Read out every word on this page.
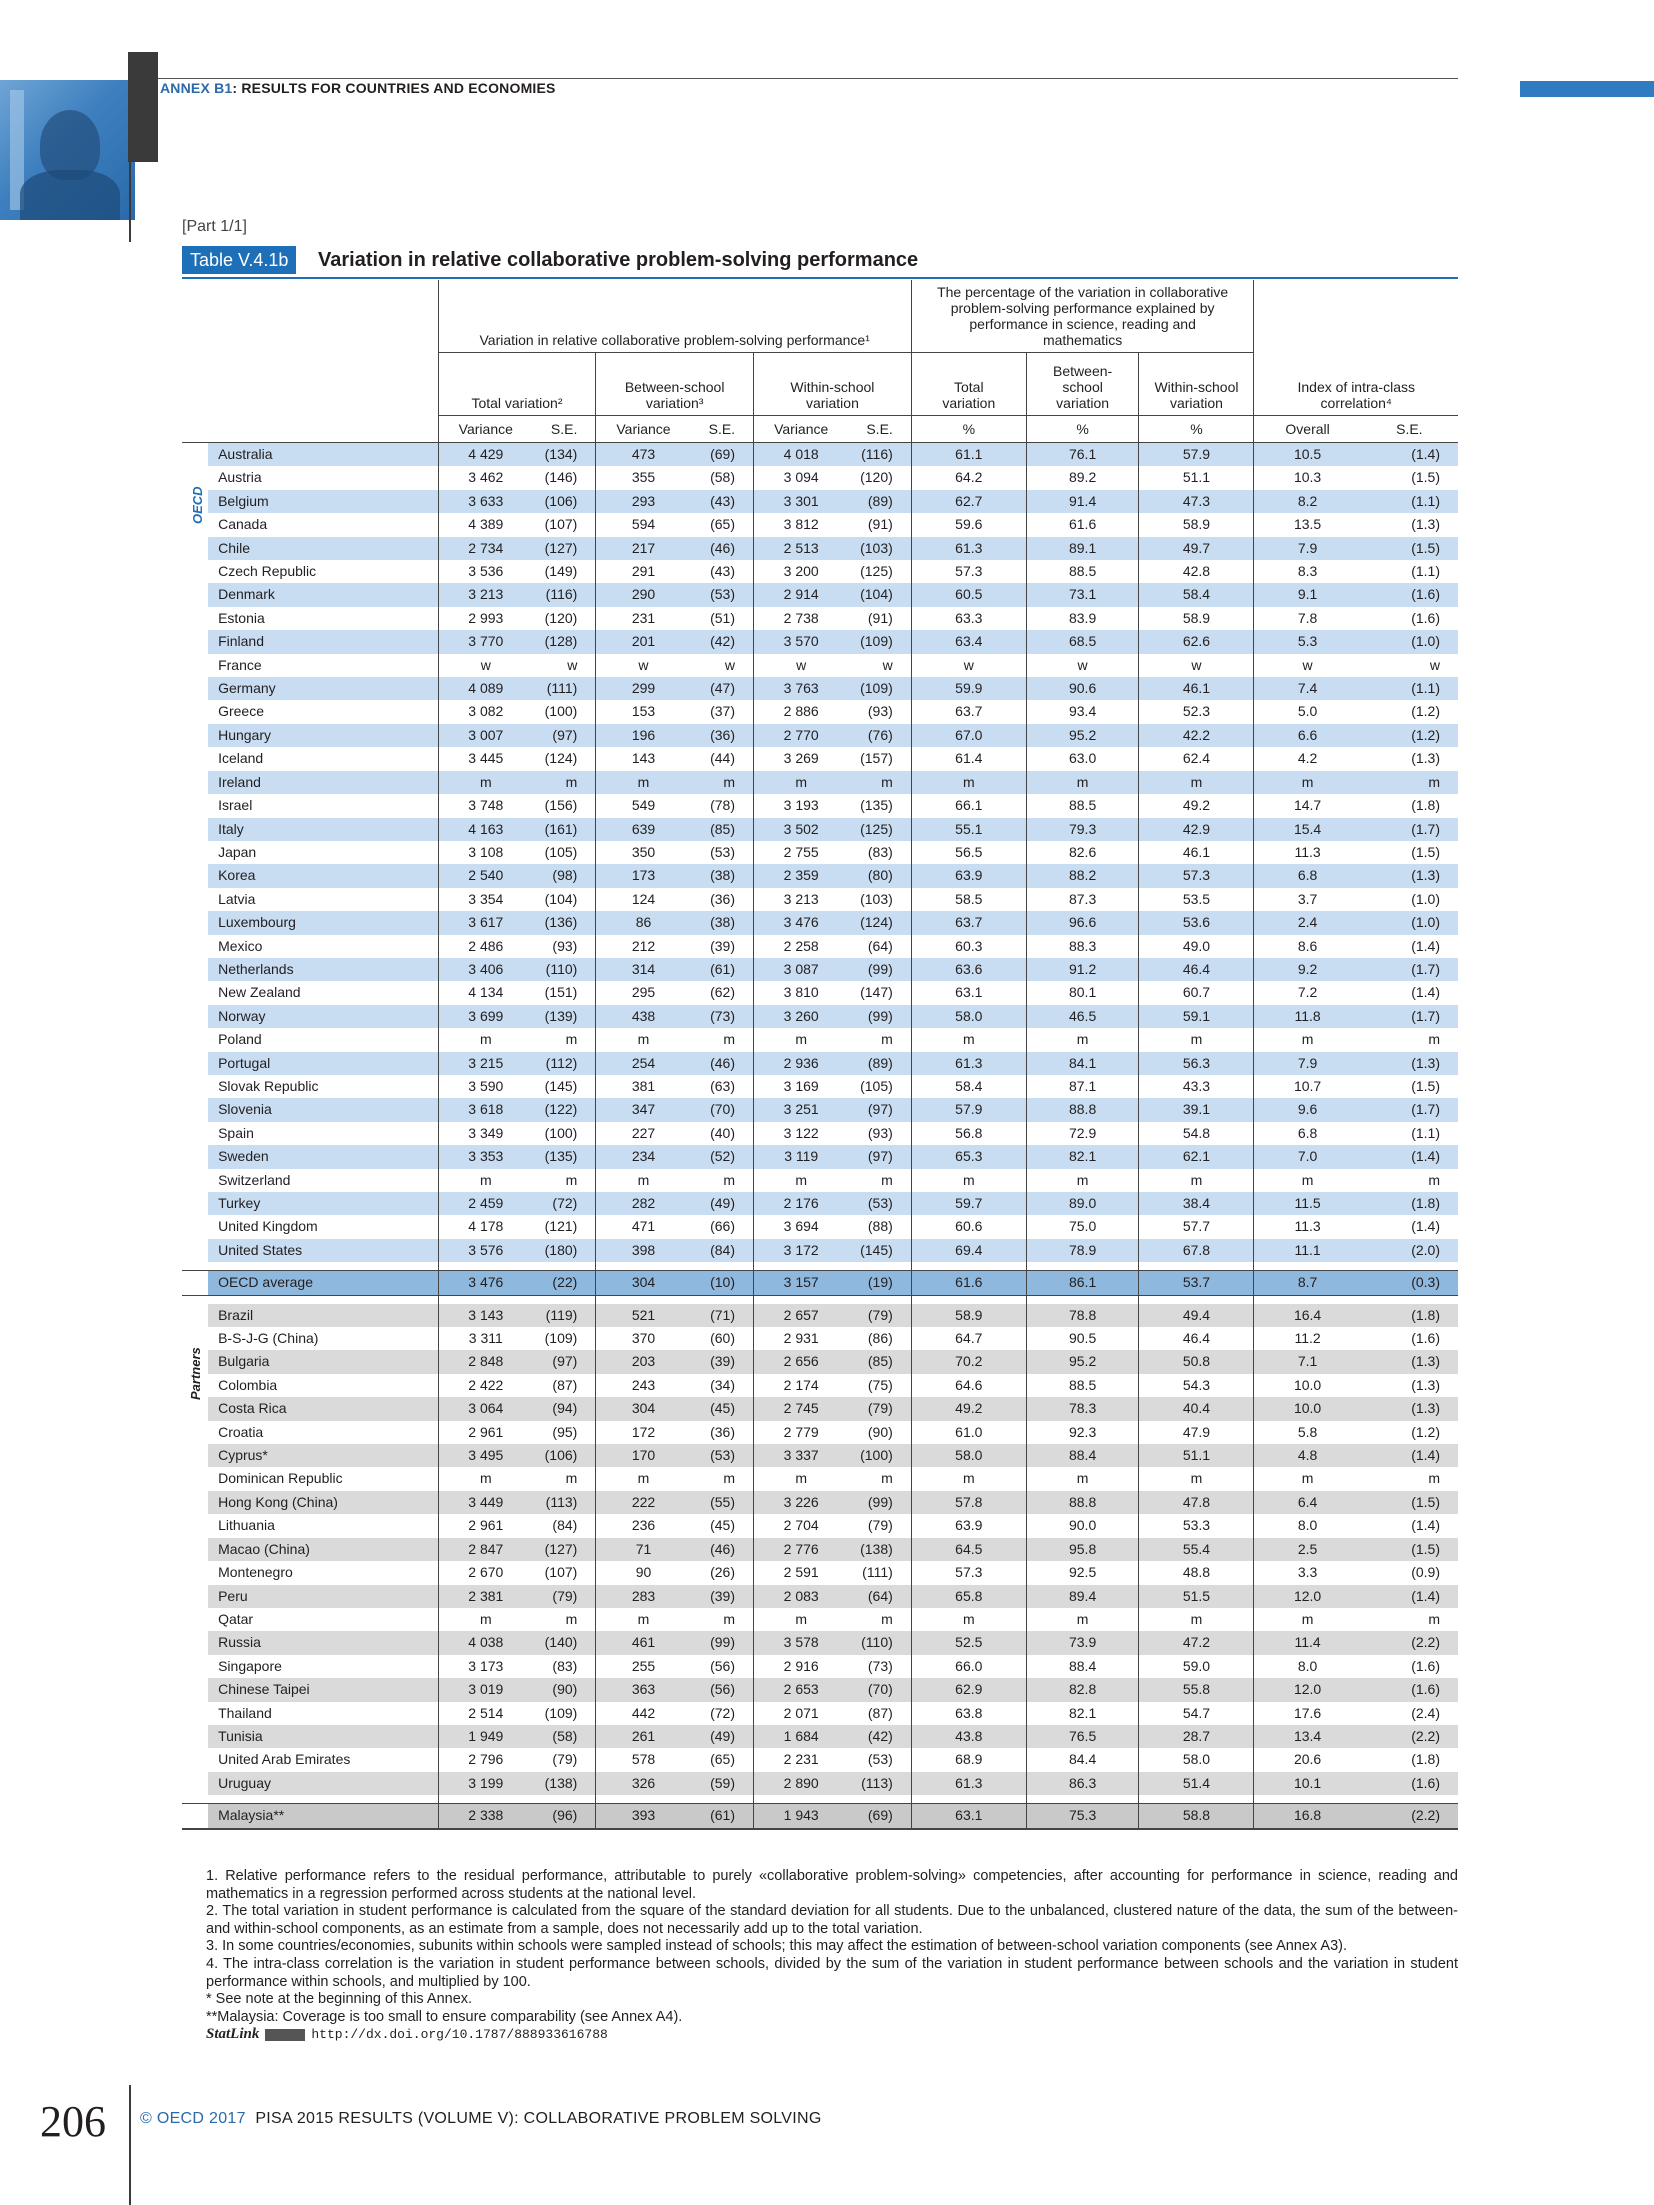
ANNEX B1: RESULTS FOR COUNTRIES AND ECONOMIES
[Part 1/1]
Table V.4.1b	Variation in relative collaborative problem-solving performance
		Variation in relative collaborative problem-solving performance¹						The percentage of the variation in collaborative problem-solving performance explained by performance in science, reading and mathematics			Index of intra-class correlation⁴	
		Total variation²		Between-school variation³		Within-school variation		Total variation	Between-school variation	Within-school variation		
		Variance	S.E.	Variance	S.E.	Variance	S.E.	%	%	%	Overall	S.E.
	Australia	4 429	(134)	473	(69)	4 018	(116)	61.1	76.1	57.9	10.5	(1.4)
	Austria	3 462	(146)	355	(58)	3 094	(120)	64.2	89.2	51.1	10.3	(1.5)
	Belgium	3 633	(106)	293	(43)	3 301	(89)	62.7	91.4	47.3	8.2	(1.1)
	Canada	4 389	(107)	594	(65)	3 812	(91)	59.6	61.6	58.9	13.5	(1.3)
	Chile	2 734	(127)	217	(46)	2 513	(103)	61.3	89.1	49.7	7.9	(1.5)
	Czech Republic	3 536	(149)	291	(43)	3 200	(125)	57.3	88.5	42.8	8.3	(1.1)
	Denmark	3 213	(116)	290	(53)	2 914	(104)	60.5	73.1	58.4	9.1	(1.6)
	Estonia	2 993	(120)	231	(51)	2 738	(91)	63.3	83.9	58.9	7.8	(1.6)
	Finland	3 770	(128)	201	(42)	3 570	(109)	63.4	68.5	62.6	5.3	(1.0)
	France	w	w	w	w	w	w	w	w	w	w	w
	Germany	4 089	(111)	299	(47)	3 763	(109)	59.9	90.6	46.1	7.4	(1.1)
	Greece	3 082	(100)	153	(37)	2 886	(93)	63.7	93.4	52.3	5.0	(1.2)
	Hungary	3 007	(97)	196	(36)	2 770	(76)	67.0	95.2	42.2	6.6	(1.2)
	Iceland	3 445	(124)	143	(44)	3 269	(157)	61.4	63.0	62.4	4.2	(1.3)
	Ireland	m	m	m	m	m	m	m	m	m	m	m
	Israel	3 748	(156)	549	(78)	3 193	(135)	66.1	88.5	49.2	14.7	(1.8)
	Italy	4 163	(161)	639	(85)	3 502	(125)	55.1	79.3	42.9	15.4	(1.7)
	Japan	3 108	(105)	350	(53)	2 755	(83)	56.5	82.6	46.1	11.3	(1.5)
	Korea	2 540	(98)	173	(38)	2 359	(80)	63.9	88.2	57.3	6.8	(1.3)
	Latvia	3 354	(104)	124	(36)	3 213	(103)	58.5	87.3	53.5	3.7	(1.0)
	Luxembourg	3 617	(136)	86	(38)	3 476	(124)	63.7	96.6	53.6	2.4	(1.0)
	Mexico	2 486	(93)	212	(39)	2 258	(64)	60.3	88.3	49.0	8.6	(1.4)
	Netherlands	3 406	(110)	314	(61)	3 087	(99)	63.6	91.2	46.4	9.2	(1.7)
	New Zealand	4 134	(151)	295	(62)	3 810	(147)	63.1	80.1	60.7	7.2	(1.4)
	Norway	3 699	(139)	438	(73)	3 260	(99)	58.0	46.5	59.1	11.8	(1.7)
	Poland	m	m	m	m	m	m	m	m	m	m	m
	Portugal	3 215	(112)	254	(46)	2 936	(89)	61.3	84.1	56.3	7.9	(1.3)
	Slovak Republic	3 590	(145)	381	(63)	3 169	(105)	58.4	87.1	43.3	10.7	(1.5)
	Slovenia	3 618	(122)	347	(70)	3 251	(97)	57.9	88.8	39.1	9.6	(1.7)
	Spain	3 349	(100)	227	(40)	3 122	(93)	56.8	72.9	54.8	6.8	(1.1)
	Sweden	3 353	(135)	234	(52)	3 119	(97)	65.3	82.1	62.1	7.0	(1.4)
	Switzerland	m	m	m	m	m	m	m	m	m	m	m
	Turkey	2 459	(72)	282	(49)	2 176	(53)	59.7	89.0	38.4	11.5	(1.8)
	United Kingdom	4 178	(121)	471	(66)	3 694	(88)	60.6	75.0	57.7	11.3	(1.4)
	United States	3 576	(180)	398	(84)	3 172	(145)	69.4	78.9	67.8	11.1	(2.0)

	OECD average	3 476	(22)	304	(10)	3 157	(19)	61.6	86.1	53.7	8.7	(0.3)

	Brazil	3 143	(119)	521	(71)	2 657	(79)	58.9	78.8	49.4	16.4	(1.8)
	B-S-J-G (China)	3 311	(109)	370	(60)	2 931	(86)	64.7	90.5	46.4	11.2	(1.6)
	Bulgaria	2 848	(97)	203	(39)	2 656	(85)	70.2	95.2	50.8	7.1	(1.3)
	Colombia	2 422	(87)	243	(34)	2 174	(75)	64.6	88.5	54.3	10.0	(1.3)
	Costa Rica	3 064	(94)	304	(45)	2 745	(79)	49.2	78.3	40.4	10.0	(1.3)
	Croatia	2 961	(95)	172	(36)	2 779	(90)	61.0	92.3	47.9	5.8	(1.2)
	Cyprus*	3 495	(106)	170	(53)	3 337	(100)	58.0	88.4	51.1	4.8	(1.4)
	Dominican Republic	m	m	m	m	m	m	m	m	m	m	m
	Hong Kong (China)	3 449	(113)	222	(55)	3 226	(99)	57.8	88.8	47.8	6.4	(1.5)
	Lithuania	2 961	(84)	236	(45)	2 704	(79)	63.9	90.0	53.3	8.0	(1.4)
	Macao (China)	2 847	(127)	71	(46)	2 776	(138)	64.5	95.8	55.4	2.5	(1.5)
	Montenegro	2 670	(107)	90	(26)	2 591	(111)	57.3	92.5	48.8	3.3	(0.9)
	Peru	2 381	(79)	283	(39)	2 083	(64)	65.8	89.4	51.5	12.0	(1.4)
	Qatar	m	m	m	m	m	m	m	m	m	m	m
	Russia	4 038	(140)	461	(99)	3 578	(110)	52.5	73.9	47.2	11.4	(2.2)
	Singapore	3 173	(83)	255	(56)	2 916	(73)	66.0	88.4	59.0	8.0	(1.6)
	Chinese Taipei	3 019	(90)	363	(56)	2 653	(70)	62.9	82.8	55.8	12.0	(1.6)
	Thailand	2 514	(109)	442	(72)	2 071	(87)	63.8	82.1	54.7	17.6	(2.4)
	Tunisia	1 949	(58)	261	(49)	1 684	(42)	43.8	76.5	28.7	13.4	(2.2)
	United Arab Emirates	2 796	(79)	578	(65)	2 231	(53)	68.9	84.4	58.0	20.6	(1.8)
	Uruguay	3 199	(138)	326	(59)	2 890	(113)	61.3	86.3	51.4	10.1	(1.6)

	Malaysia**	2 338	(96)	393	(61)	1 943	(69)	63.1	75.3	58.8	16.8	(2.2)
OECD
Partners

1. Relative performance refers to the residual performance, attributable to purely «collaborative problem-solving» competencies, after accounting for performance in science, reading and mathematics in a regression performed across students at the national level.

2. The total variation in student performance is calculated from the square of the standard deviation for all students. Due to the unbalanced, clustered nature of the data, the sum of the between- and within-school components, as an estimate from a sample, does not necessarily add up to the total variation.

3. In some countries/economies, subunits within schools were sampled instead of schools; this may affect the estimation of between-school variation components (see Annex A3).

4. The intra-class correlation is the variation in student performance between schools, divided by the sum of the variation in student performance between schools and the variation in student performance within schools, and multiplied by 100.

* See note at the beginning of this Annex.

**Malaysia: Coverage is too small to ensure comparability (see Annex A4).

StatLink	http://dx.doi.org/10.1787/888933616788

206 © OECD 2017 PISA 2015 RESULTS (VOLUME V): COLLABORATIVE PROBLEM SOLVING
